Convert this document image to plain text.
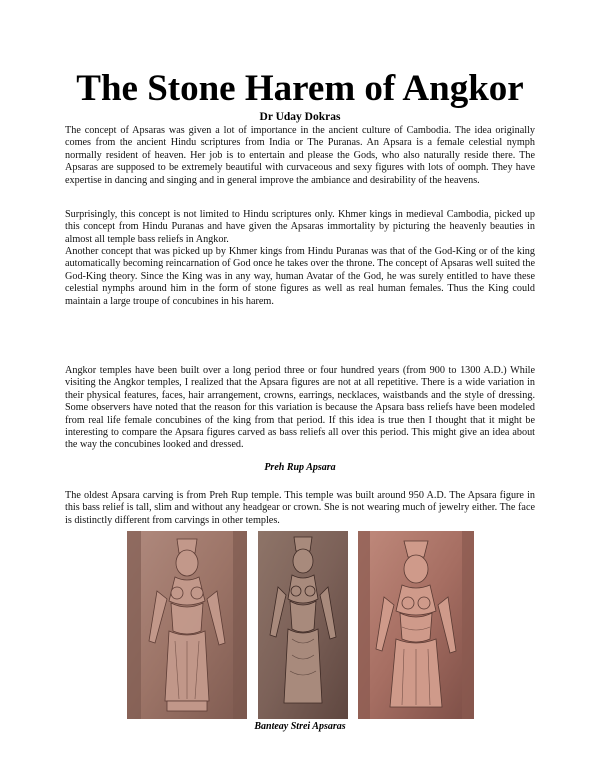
The Stone Harem of Angkor
Dr Uday Dokras

The concept of Apsaras was given a lot of importance in the ancient culture of Cambodia. The idea originally comes from the ancient Hindu scriptures from India or The Puranas. An Apsara is a female celestial nymph normally resident of heaven. Her job is to entertain and please the Gods, who also naturally reside there. The Apsaras are supposed to be extremely beautiful with curvaceous and sexy figures with lots of oomph. They have expertise in dancing and singing and in general improve the ambiance and desirability of the heavens.

Surprisingly, this concept is not limited to Hindu scriptures only. Khmer kings in medieval Cambodia, picked up this concept from Hindu Puranas and have given the Apsaras immortality by picturing the heavenly beauties in almost all temple bass reliefs in Angkor.

Another concept that was picked up by Khmer kings from Hindu Puranas was that of the God-King or of the king automatically becoming reincarnation of God once he takes over the throne. The concept of Apsaras well suited the God-King theory. Since the King was in any way, human Avatar of the God, he was surely entitled to have these celestial nymphs around him in the form of stone figures as well as real human females. Thus the King could maintain a large troupe of concubines in his harem.

Angkor temples have been built over a long period three or four hundred years (from 900 to 1300 A.D.) While visiting the Angkor temples, I realized that the Apsara figures are not at all repetitive. There is a wide variation in their physical features, faces, hair arrangement, crowns, earrings, necklaces, waistbands and the style of dressing. Some observers have noted that the reason for this variation is because the Apsara bass reliefs have been modeled from real life female concubines of the king from that period. If this idea is true then I thought that it might be interesting to compare the Apsara figures carved as bass reliefs all over this period. This might give an idea about the way the concubines looked and dressed.

Preh Rup Apsara

The oldest Apsara carving is from Preh Rup temple. This temple was built around 950 A.D. The Apsara figure in this bass relief is tall, slim and without any headgear or crown. She is not wearing much of jewelry either. The face is distinctly different from carvings in other temples.

Banteay Strei Apsaras
